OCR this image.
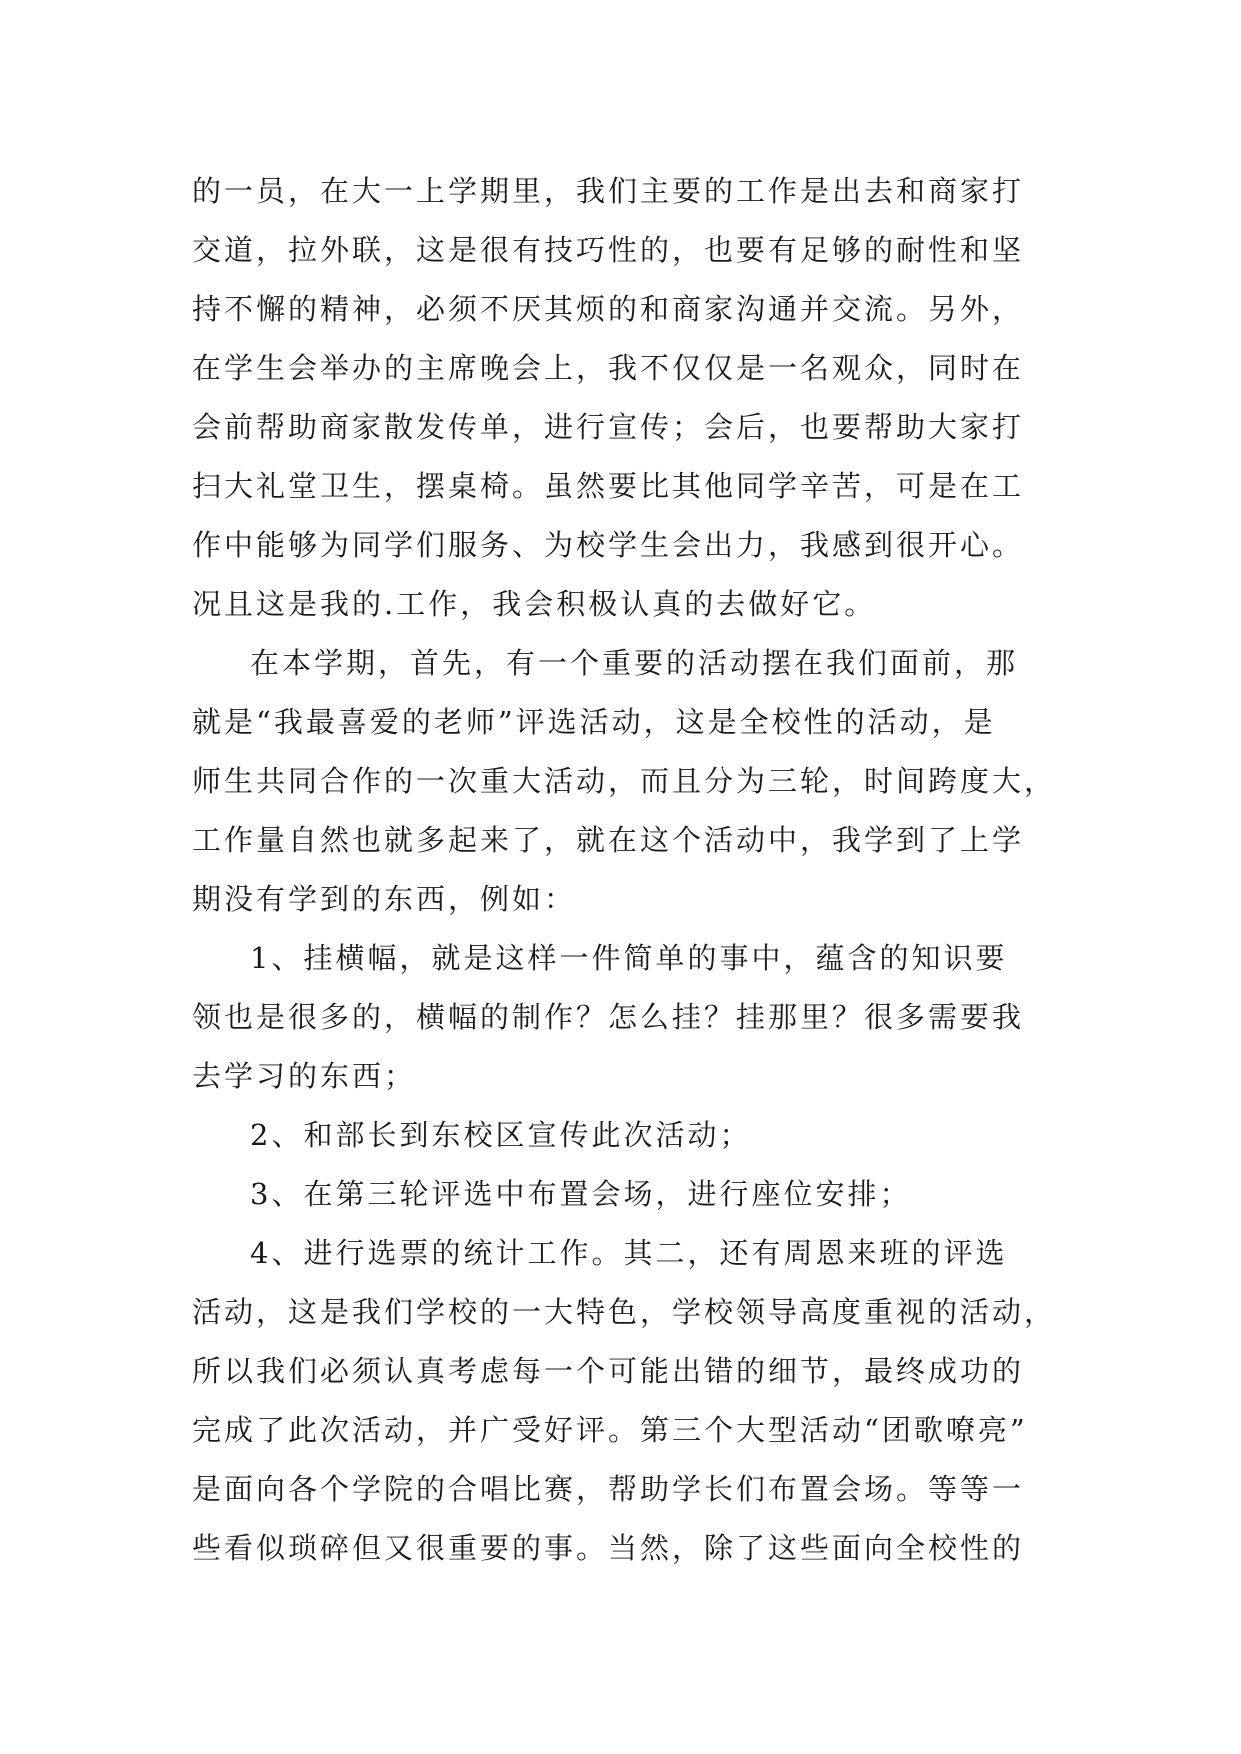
的一员，在大一上学期里，我们主要的工作是出去和商家打
交道，拉外联，这是很有技巧性的，也要有足够的耐性和坚
持不懈的精神，必须不厌其烦的和商家沟通并交流。另外，
在学生会举办的主席晚会上，我不仅仅是一名观众，同时在
会前帮助商家散发传单，进行宣传；会后，也要帮助大家打
扫大礼堂卫生，摆桌椅。虽然要比其他同学辛苦，可是在工
作中能够为同学们服务、为校学生会出力，我感到很开心。
况且这是我的.工作，我会积极认真的去做好它。
在本学期，首先，有一个重要的活动摆在我们面前，那
就是“我最喜爱的老师”评选活动，这是全校性的活动，是
师生共同合作的一次重大活动，而且分为三轮，时间跨度大，
工作量自然也就多起来了，就在这个活动中，我学到了上学
期没有学到的东西，例如：
1、挂横幅，就是这样一件简单的事中，蕴含的知识要
领也是很多的，横幅的制作？怎么挂？挂那里？很多需要我
去学习的东西；
2、和部长到东校区宣传此次活动；
3、在第三轮评选中布置会场，进行座位安排；
4、进行选票的统计工作。其二，还有周恩来班的评选
活动，这是我们学校的一大特色，学校领导高度重视的活动，
所以我们必须认真考虑每一个可能出错的细节，最终成功的
完成了此次活动，并广受好评。第三个大型活动“团歌嘹亮”
是面向各个学院的合唱比赛，帮助学长们布置会场。等等一
些看似琐碎但又很重要的事。当然，除了这些面向全校性的
